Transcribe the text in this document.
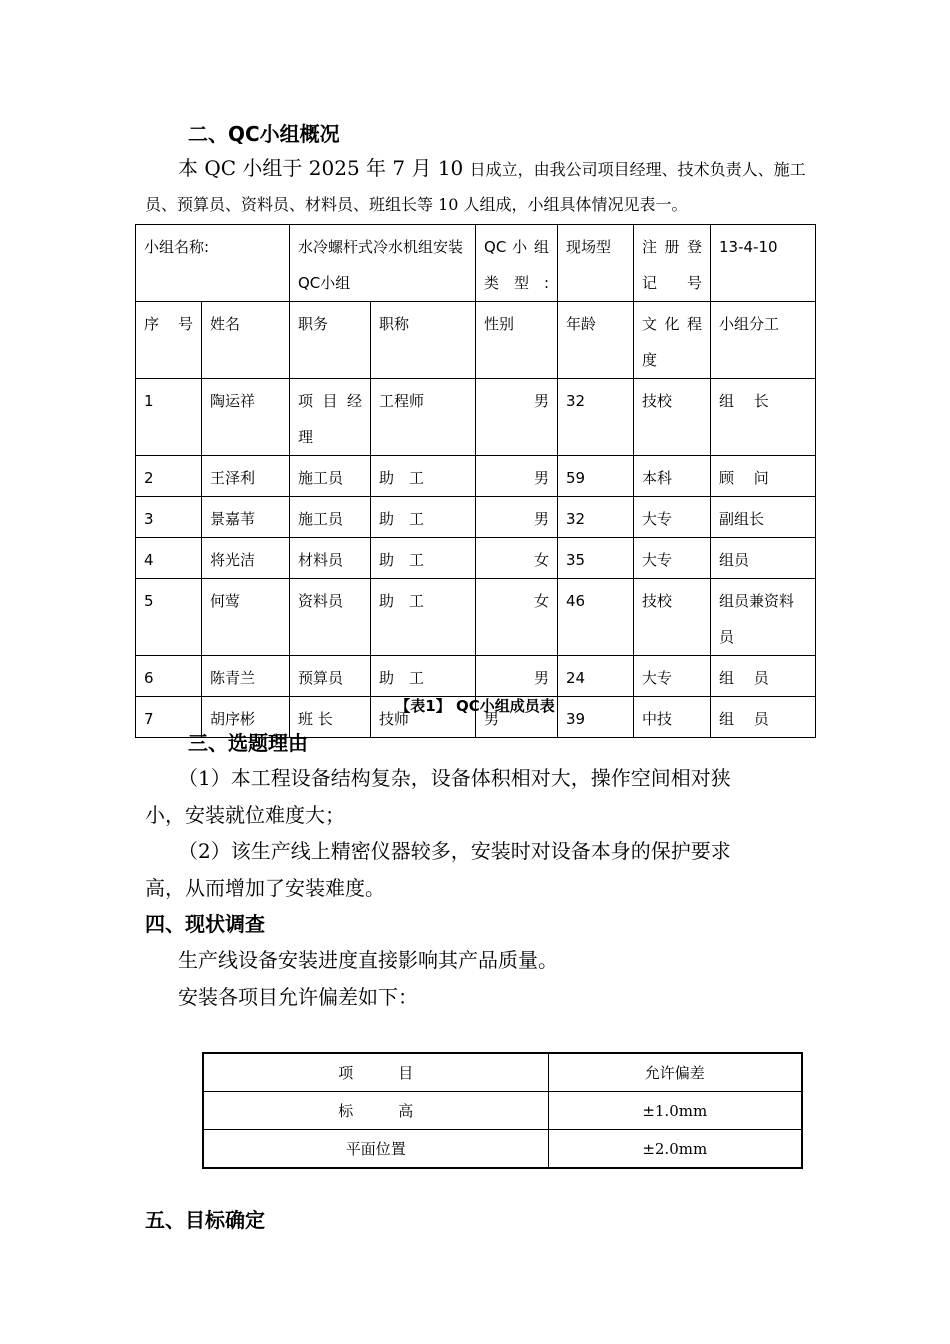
二、QC小组概况
本 QC 小组于 2025 年 7 月 10 日成立，由我公司项目经理、技术负责人、施工
员、预算员、资料员、材料员、班组长等 10 人组成，小组具体情况见表一。
小组名称:		水冷螺杆式冷水机组安装QC小组		QC 小 组 类型:	现场型	注 册 登 记号	13-4-10
序 号	姓名	职务	职称	性别	年龄	文 化 程 度	小组分工
1	陶运祥	项 目 经 理	工程师	男	32	技校	组　 长
2	王泽利	施工员	助　工	男	59	本科	顾　 问
3	景嘉苇	施工员	助　工	男	32	大专	副组长
4	将光洁	材料员	助　工	女	35	大专	组员
5	何莺	资料员	助　工	女	46	技校	组员兼资料员
6	陈青兰	预算员	助　工	男	24	大专	组　 员
7	胡序彬	班 长	技师	男	39	中技	组　 员
【表1】 QC小组成员表
三、选题理由
（1）本工程设备结构复杂，设备体积相对大，操作空间相对狭
小，安装就位难度大；
（2）该生产线上精密仪器较多，安装时对设备本身的保护要求
高，从而增加了安装难度。
四、现状调查
生产线设备安装进度直接影响其产品质量。
安装各项目允许偏差如下：
项　　　目	允许偏差
标　　　高	±1.0mm
平面位置	±2.0mm
五、目标确定
